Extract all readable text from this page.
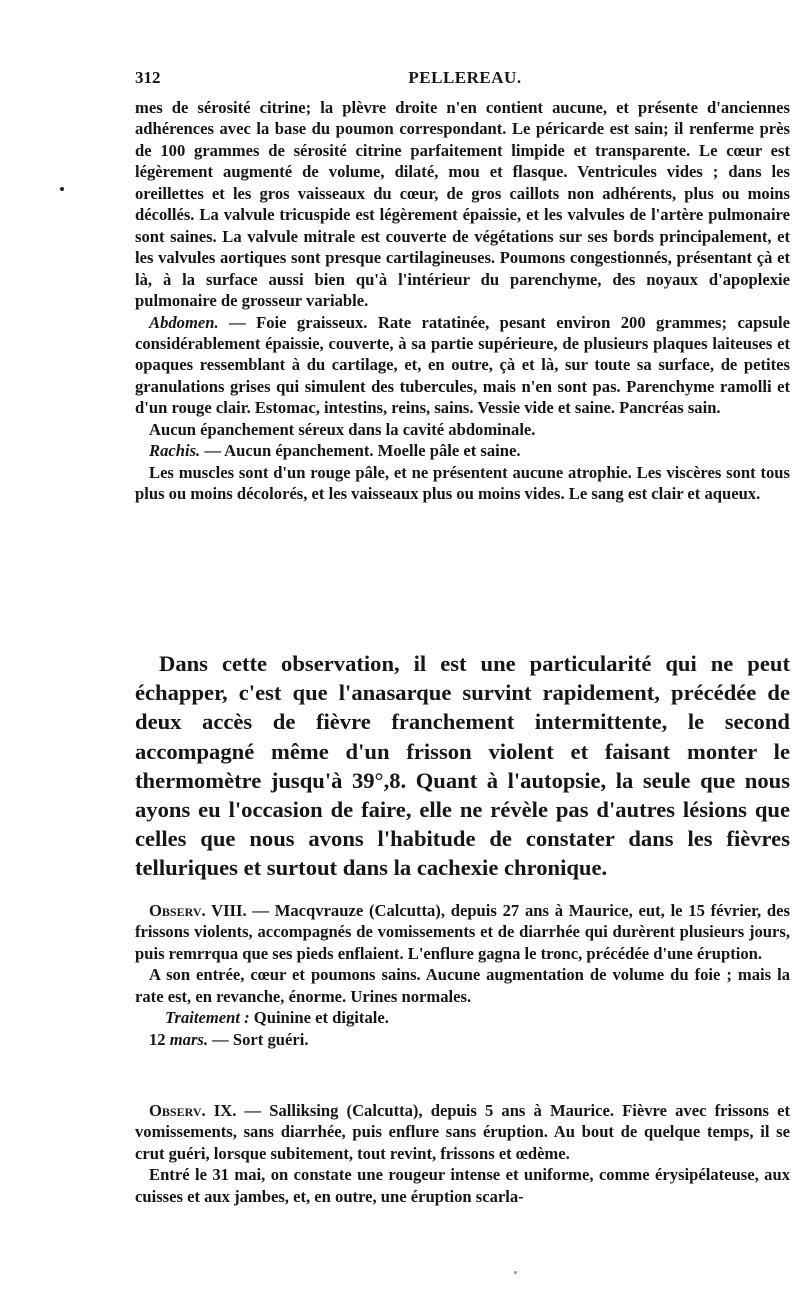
312	PELLEREAU.

mes de sérosité citrine; la plèvre droite n'en contient aucune, et présente d'anciennes adhérences avec la base du poumon correspondant. Le péricarde est sain; il renferme près de 100 grammes de sérosité citrine parfaitement limpide et transparente. Le cœur est légèrement augmenté de volume, dilaté, mou et flasque. Ventricules vides ; dans les oreillettes et les gros vaisseaux du cœur, de gros caillots non adhérents, plus ou moins décollés. La valvule tricuspide est légèrement épaissie, et les valvules de l'artère pulmonaire sont saines. La valvule mitrale est couverte de végétations sur ses bords principalement, et les valvules aortiques sont presque cartilagineuses. Poumons congestionnés, présentant çà et là, à la surface aussi bien qu'à l'intérieur du parenchyme, des noyaux d'apoplexie pulmonaire de grosseur variable.

Abdomen. — Foie graisseux. Rate ratatinée, pesant environ 200 grammes; capsule considérablement épaissie, couverte, à sa partie supérieure, de plusieurs plaques laiteuses et opaques ressemblant à du cartilage, et, en outre, çà et là, sur toute sa surface, de petites granulations grises qui simulent des tubercules, mais n'en sont pas. Parenchyme ramolli et d'un rouge clair. Estomac, intestins, reins, sains. Vessie vide et saine. Pancréas sain.

Aucun épanchement séreux dans la cavité abdominale.

Rachis. — Aucun épanchement. Moelle pâle et saine.

Les muscles sont d'un rouge pâle, et ne présentent aucune atrophie. Les viscères sont tous plus ou moins décolorés, et les vaisseaux plus ou moins vides. Le sang est clair et aqueux.

Dans cette observation, il est une particularité qui ne peut échapper, c'est que l'anasarque survint rapidement, précédée de deux accès de fièvre franchement intermittente, le second accompagné même d'un frisson violent et faisant monter le thermomètre jusqu'à 39°,8. Quant à l'autopsie, la seule que nous ayons eu l'occasion de faire, elle ne révèle pas d'autres lésions que celles que nous avons l'habitude de constater dans les fièvres telluriques et surtout dans la cachexie chronique.

Observ. VIII. — Macqvrauze (Calcutta), depuis 27 ans à Maurice, eut, le 15 février, des frissons violents, accompagnés de vomissements et de diarrhée qui durèrent plusieurs jours, puis remrrqua que ses pieds enflaient. L'enflure gagna le tronc, précédée d'une éruption.

A son entrée, cœur et poumons sains. Aucune augmentation de volume du foie ; mais la rate est, en revanche, énorme. Urines normales.

Traitement : Quinine et digitale.

12 mars. — Sort guéri.

Observ. IX. — Salliksing (Calcutta), depuis 5 ans à Maurice. Fièvre avec frissons et vomissements, sans diarrhée, puis enflure sans éruption. Au bout de quelque temps, il se crut guéri, lorsque subitement, tout revint, frissons et œdème.

Entré le 31 mai, on constate une rougeur intense et uniforme, comme érysipélateuse, aux cuisses et aux jambes, et, en outre, une éruption scarla-
